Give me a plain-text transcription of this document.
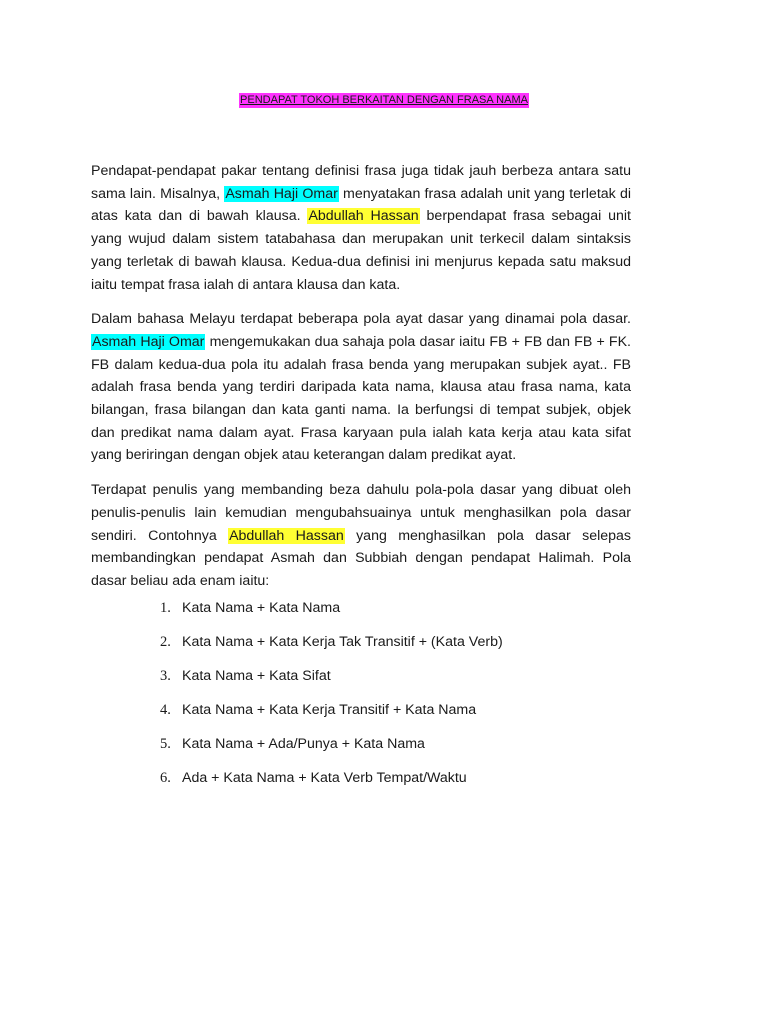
PENDAPAT TOKOH BERKAITAN DENGAN FRASA NAMA

Pendapat-pendapat pakar tentang definisi frasa juga tidak jauh berbeza antara satu sama lain. Misalnya, Asmah Haji Omar menyatakan frasa adalah unit yang terletak di atas kata dan di bawah klausa. Abdullah Hassan berpendapat frasa sebagai unit yang wujud dalam sistem tatabahasa dan merupakan unit terkecil dalam sintaksis yang terletak di bawah klausa. Kedua-dua definisi ini menjurus kepada satu maksud iaitu tempat frasa ialah di antara klausa dan kata.

Dalam bahasa Melayu terdapat beberapa pola ayat dasar yang dinamai pola dasar. Asmah Haji Omar mengemukakan dua sahaja pola dasar iaitu FB + FB dan FB + FK. FB dalam kedua-dua pola itu adalah frasa benda yang merupakan subjek ayat.. FB adalah frasa benda yang terdiri daripada kata nama, klausa atau frasa nama, kata bilangan, frasa bilangan dan kata ganti nama. Ia berfungsi di tempat subjek, objek dan predikat nama dalam ayat. Frasa karyaan pula ialah kata kerja atau kata sifat yang beriringan dengan objek atau keterangan dalam predikat ayat.

Terdapat penulis yang membanding beza dahulu pola-pola dasar yang dibuat oleh penulis-penulis lain kemudian mengubahsuainya untuk menghasilkan pola dasar sendiri. Contohnya Abdullah Hassan yang menghasilkan pola dasar selepas membandingkan pendapat Asmah dan Subbiah dengan pendapat Halimah. Pola dasar beliau ada enam iaitu:

1. Kata Nama + Kata Nama
2. Kata Nama + Kata Kerja Tak Transitif + (Kata Verb)
3. Kata Nama + Kata Sifat
4. Kata Nama + Kata Kerja Transitif + Kata Nama
5. Kata Nama + Ada/Punya + Kata Nama
6. Ada + Kata Nama + Kata Verb Tempat/Waktu
